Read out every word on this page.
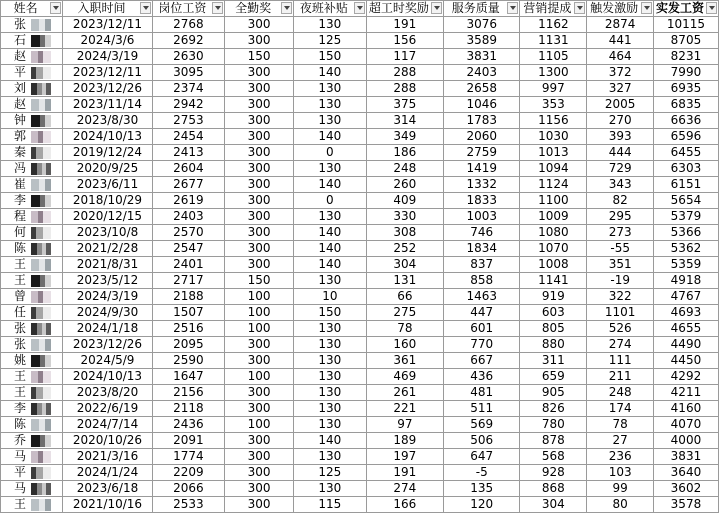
姓名	入职时间	岗位工资	全勤奖	夜班补贴	超工时奖励	服务质量	营销提成	触发激励	实发工资

张	2023/12/11	2768	300	130	191	3076	1162	2874	10115
石	2024/3/6	2692	300	125	156	3589	1131	441	8705
赵	2024/3/19	2630	150	150	117	3831	1105	464	8231
平	2023/12/11	3095	300	140	288	2403	1300	372	7990
刘	2023/12/26	2374	300	130	288	2658	997	327	6935
赵	2023/11/14	2942	300	130	375	1046	353	2005	6835
钟	2023/8/30	2753	300	130	314	1783	1156	270	6636
郭	2024/10/13	2454	300	140	349	2060	1030	393	6596
秦	2019/12/24	2413	300	0	186	2759	1013	444	6455
冯	2020/9/25	2604	300	130	248	1419	1094	729	6303
崔	2023/6/11	2677	300	140	260	1332	1124	343	6151
李	2018/10/29	2619	300	0	409	1833	1100	82	5654
程	2020/12/15	2403	300	130	330	1003	1009	295	5379
何	2023/10/8	2570	300	140	308	746	1080	273	5366
陈	2021/2/28	2547	300	140	252	1834	1070	-55	5362
王	2021/8/31	2401	300	140	304	837	1008	351	5359
王	2023/5/12	2717	150	130	131	858	1141	-19	4918
曾	2024/3/19	2188	100	10	66	1463	919	322	4767
任	2024/9/30	1507	100	150	275	447	603	1101	4693
张	2024/1/18	2516	100	130	78	601	805	526	4655
张	2023/12/26	2095	300	130	160	770	880	274	4490
姚	2024/5/9	2590	300	130	361	667	311	111	4450
王	2024/10/13	1647	100	130	469	436	659	211	4292
王	2023/8/20	2156	300	130	261	481	905	248	4211
李	2022/6/19	2118	300	130	221	511	826	174	4160
陈	2024/7/14	2436	100	130	97	569	780	78	4070
乔	2020/10/26	2091	300	140	189	506	878	27	4000
马	2021/3/16	1774	300	130	197	647	568	236	3831
平	2024/1/24	2209	300	125	191	-5	928	103	3640
马	2023/6/18	2066	300	130	274	135	868	99	3602
王	2021/10/16	2533	300	115	166	120	304	80	3578
